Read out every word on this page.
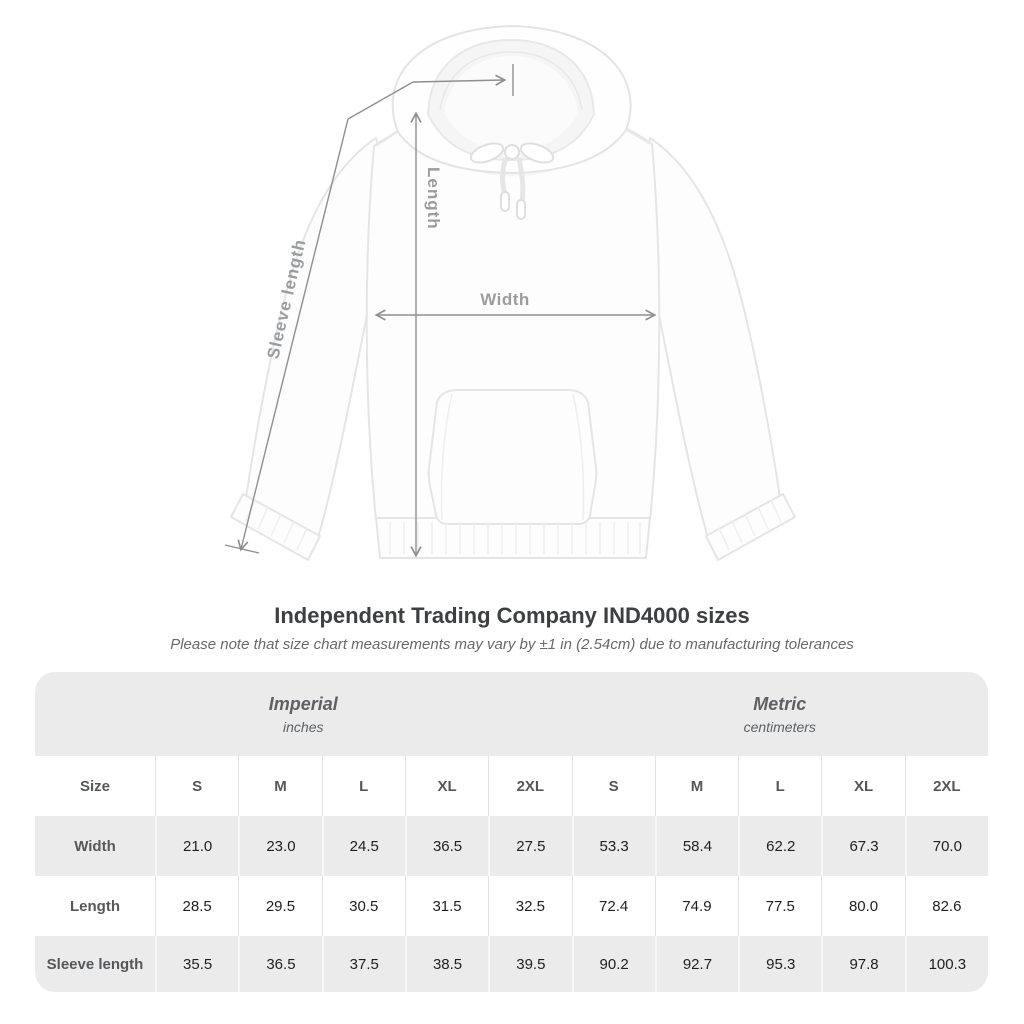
Length
Width
Sleeve length
Independent Trading Company IND4000 sizes
Please note that size chart measurements may vary by ±1 in (2.54cm) due to manufacturing tolerances
Imperial
inches
Metric
centimeters
Size	S	M	L	XL	2XL	S	M	L	XL	2XL
Width	21.0	23.0	24.5	36.5	27.5	53.3	58.4	62.2	67.3	70.0
Length	28.5	29.5	30.5	31.5	32.5	72.4	74.9	77.5	80.0	82.6
Sleeve length	35.5	36.5	37.5	38.5	39.5	90.2	92.7	95.3	97.8	100.3
